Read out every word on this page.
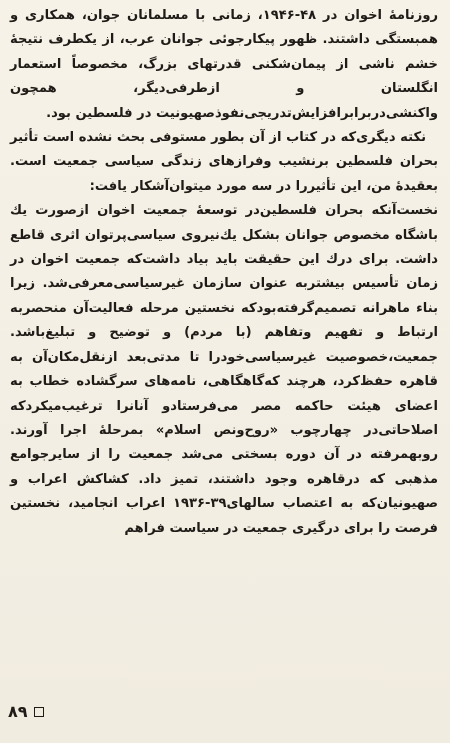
روزنامهٔ اخوان در ۴۸-۱۹۴۶، زمانی با مسلمانان جوان، همکاری و همبستگی داشتند. ظهور پیکارجوئی جوانان عرب، از یکطرف نتیجهٔ خشم ناشی از پیمان‌شکنی قدرتهای بزرگ، مخصوصاً استعمار انگلستان و ازطرفی‌دیگر، همچون واکنشی‌دربرابرافزایش‌تدریجی‌نفوذصهیونیت در فلسطین بود.

نکته دیگری‌که در کتاب از آن بطور مستوفی بحث نشده است تأثیر بحران فلسطین برنشیب وفرازهای زندگی سیاسی جمعیت است. بعقیدهٔ من، این تأثیررا در سه مورد میتوان‌آشکار یافت:

نخست‌آنکه بحران فلسطین‌در توسعهٔ جمعیت اخوان ازصورت یك باشگاه مخصوص جوانان بشکل یك‌نیروی سیاسی‌پرتوان اثری قاطع داشت. برای درك این حقیقت باید بیاد داشت‌که جمعیت اخوان در زمان تأسیس بیشتربه عنوان سازمان غیرسیاسی‌معرفی‌شد. زیرا بناء ماهرانه تصمیم‌گرفته‌بودکه نخستین مرحله فعالیت‌آن منحصربه ارتباط و تفهیم وتفاهم (با مردم) و توضیح و تبلیغ‌باشد. جمعیت،خصوصیت غیرسیاسی‌خودرا تا مدتی‌بعد ازنقل‌مکان‌آن به قاهره حفظ‌کرد، هرچند که‌گاهگاهی، نامه‌های سرگشاده خطاب به اعضای هیئت حاکمه مصر می‌فرستادو آنانرا ترغیب‌میکرد‌که اصلاحاتی‌در چهارچوب «روح‌ونص اسلام» بمرحلهٔ اجرا آورند. روبهمرفته در آن دوره بسختی می‌شد جمعیت را از سایرجوامع مذهبی که درقاهره وجود داشتند، تمیز داد. کشاکش اعراب و صهیونیان‌که به اعتصاب سالهای‌۳۹-۱۹۳۶ اعراب انجامید، نخستین فرصت را برای درگیری جمعیت در سیاست فراهم

۸۹
